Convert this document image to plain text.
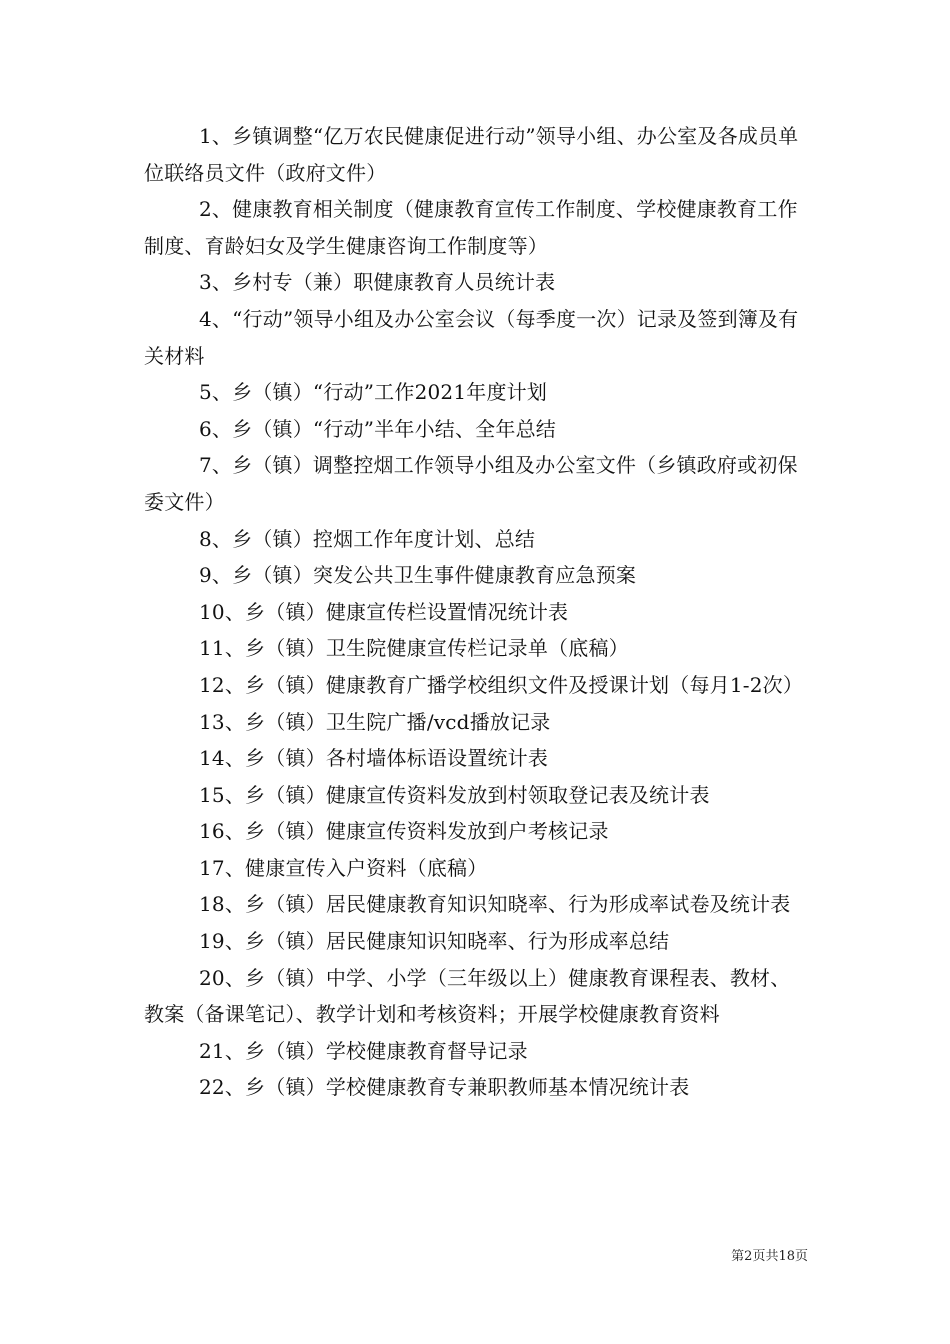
1、乡镇调整“亿万农民健康促进行动”领导小组、办公室及各成员单位联络员文件（政府文件）

2、健康教育相关制度（健康教育宣传工作制度、学校健康教育工作制度、育龄妇女及学生健康咨询工作制度等）

3、乡村专（兼）职健康教育人员统计表

4、“行动”领导小组及办公室会议（每季度一次）记录及签到簿及有关材料

5、乡（镇）“行动”工作2021年度计划

6、乡（镇）“行动”半年小结、全年总结

7、乡（镇）调整控烟工作领导小组及办公室文件（乡镇政府或初保委文件）

8、乡（镇）控烟工作年度计划、总结

9、乡（镇）突发公共卫生事件健康教育应急预案

10、乡（镇）健康宣传栏设置情况统计表

11、乡（镇）卫生院健康宣传栏记录单（底稿）

12、乡（镇）健康教育广播学校组织文件及授课计划（每月1-2次）

13、乡（镇）卫生院广播/vcd播放记录

14、乡（镇）各村墙体标语设置统计表

15、乡（镇）健康宣传资料发放到村领取登记表及统计表

16、乡（镇）健康宣传资料发放到户考核记录

17、健康宣传入户资料（底稿）

18、乡（镇）居民健康教育知识知晓率、行为形成率试卷及统计表

19、乡（镇）居民健康知识知晓率、行为形成率总结

20、乡（镇）中学、小学（三年级以上）健康教育课程表、教材、教案（备课笔记）、教学计划和考核资料；开展学校健康教育资料

21、乡（镇）学校健康教育督导记录

22、乡（镇）学校健康教育专兼职教师基本情况统计表

第2页共18页
